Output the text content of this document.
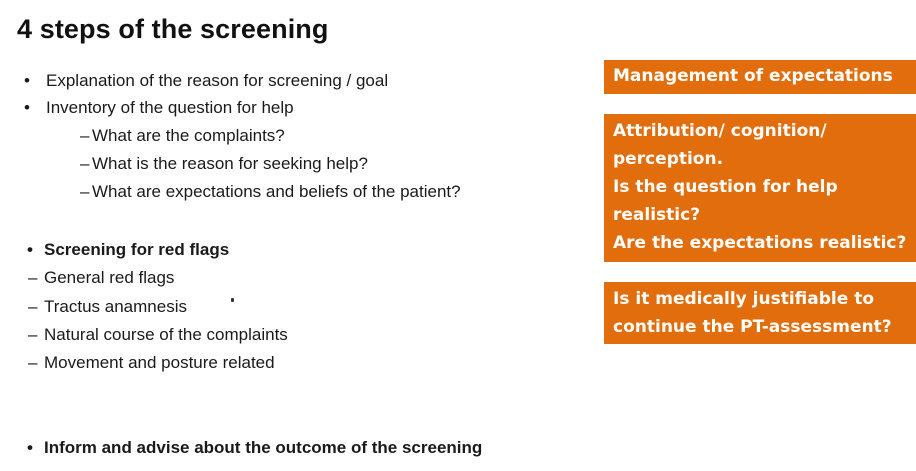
4 steps of the screening
• Explanation of the reason for screening / goal
• Inventory of the question for help
– What are the complaints?
– What is the reason for seeking help?
– What are expectations and beliefs of the patient?
• Screening for red flags
– General red flags
– Tractus anamnesis
– Natural course of the complaints
– Movement and posture related
• Inform and advise about the outcome of the screening
Management of expectations
Attribution/ cognition/
perception.
Is the question for help
realistic?
Are the expectations realistic?
Is it medically justifiable to
continue the PT-assessment?
